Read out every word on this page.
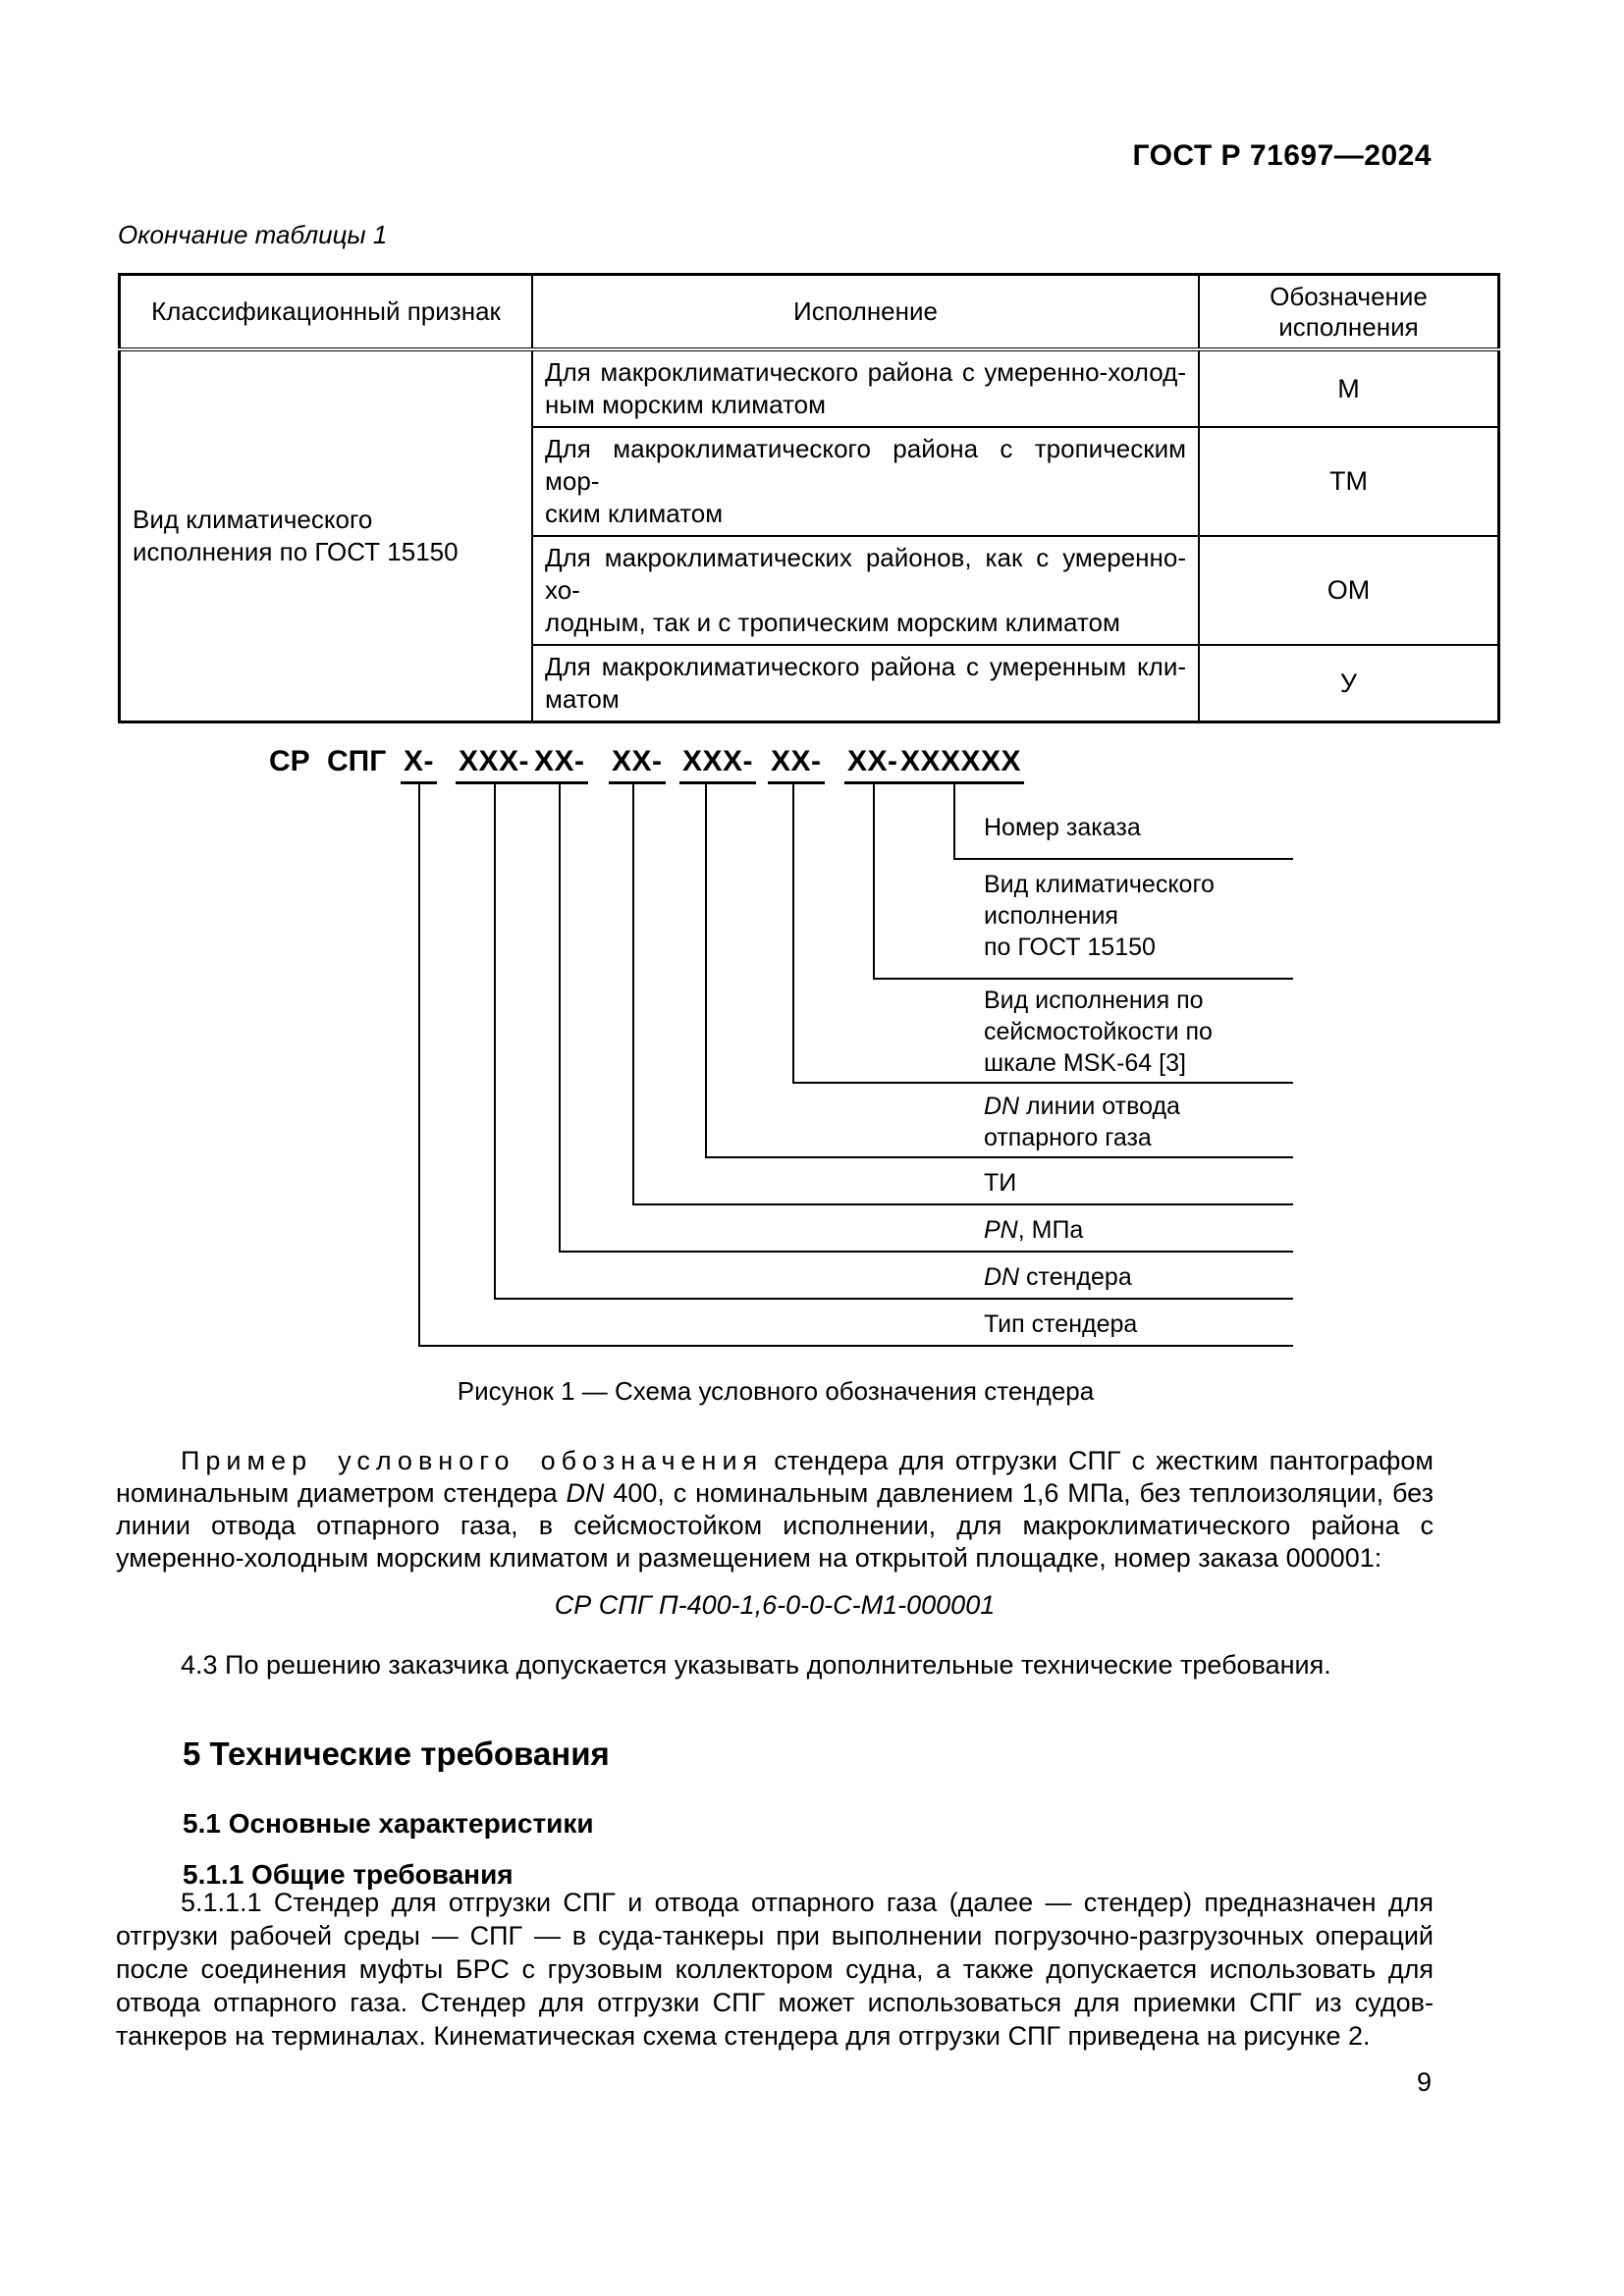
ГОСТ Р 71697—2024
Окончание таблицы 1
Классификационный признак	Исполнение	Обозначение исполнения

Вид климатического
исполнения по ГОСТ 15150

Для макроклиматического района с умеренно-холод-
ным морским климатом
	М

	Для макроклиматического района с тропическим мор-
ским климатом	ТМ

	Для макроклиматических районов, как с умеренно-хо-
лодным, так и с тропическим морским климатом	ОМ

	Для макроклиматического района с умеренным кли-
матом	У
СР СПГ Х- ХХХ- ХХ- ХХ- ХХХ- ХХ- ХХ- ХХХХХХ
Номер заказа
Вид климатического
исполнения
по ГОСТ 15150
Вид исполнения по
сейсмостойкости по
шкале MSK-64 [3]
DN линии отвода
отпарного газа
ТИ
PN, МПа
DN стендера
Тип стендера
Рисунок 1 — Схема условного обозначения стендера

Пример условного обозначения стендера для отгрузки СПГ с жестким пантографом номинальным диаметром стендера DN 400, с номинальным давлением 1,6 МПа, без теплоизоляции, без линии отвода отпарного газа, в сейсмостойком исполнении, для макроклиматического района с умеренно-холодным морским климатом и размещением на открытой площадке, номер заказа 000001:

СР СПГ П-400-1,6-0-0-С-М1-000001

4.3 По решению заказчика допускается указывать дополнительные технические требования.

5 Технические требования
5.1 Основные характеристики
5.1.1 Общие требования

5.1.1.1 Стендер для отгрузки СПГ и отвода отпарного газа (далее — стендер) предназначен для отгрузки рабочей среды — СПГ — в суда-танкеры при выполнении погрузочно-разгрузочных операций после соединения муфты БРС с грузовым коллектором судна, а также допускается использовать для отвода отпарного газа. Стендер для отгрузки СПГ может использоваться для приемки СПГ из судов-танкеров на терминалах. Кинематическая схема стендера для отгрузки СПГ приведена на рисунке 2.

9
